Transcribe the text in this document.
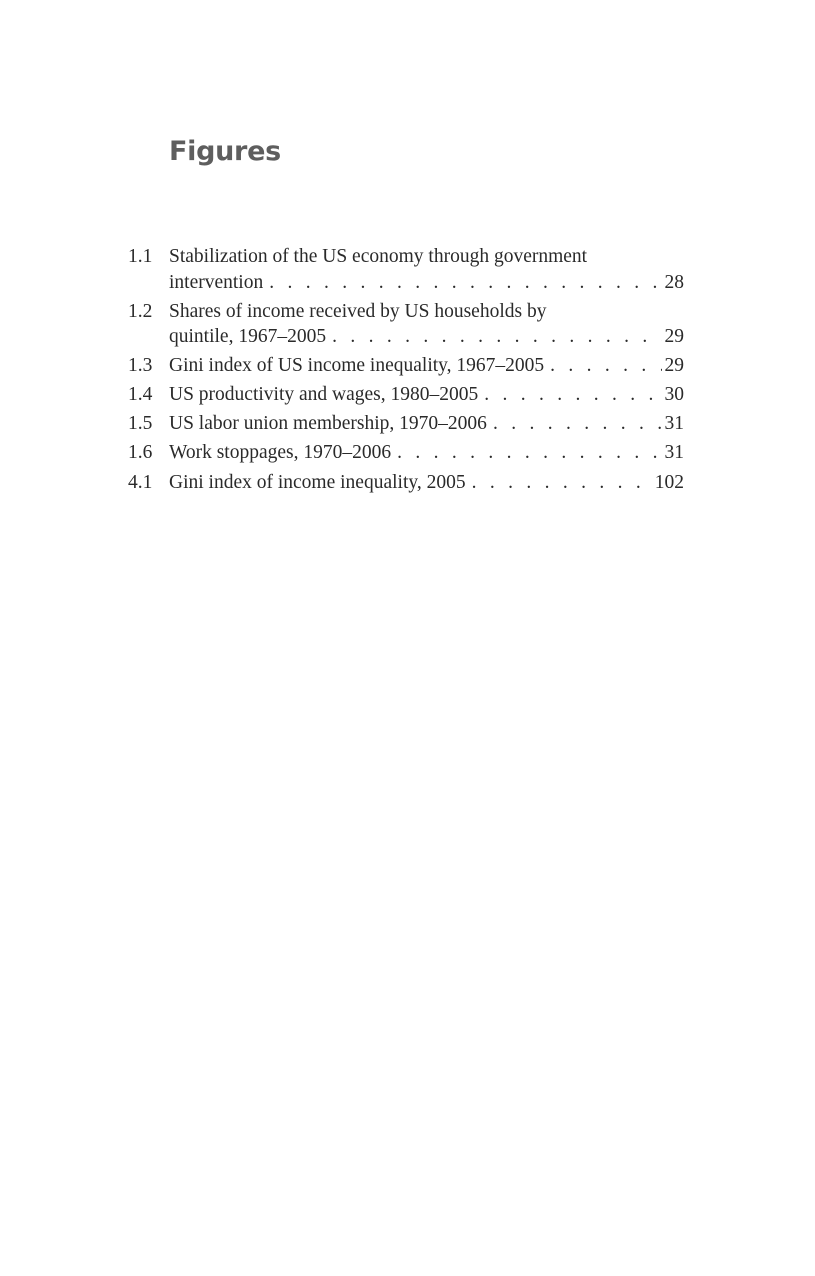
Figures
1.1 Stabilization of the US economy through government
intervention . . .	28
1.2 Shares of income received by US households by
quintile, 1967–2005 . . .	29
1.3 Gini index of US income inequality, 1967–2005 . . .	29
1.4 US productivity and wages, 1980–2005 . . .	30
1.5 US labor union membership, 1970–2006 . . .	31
1.6 Work stoppages, 1970–2006 . . .	31
4.1 Gini index of income inequality, 2005 . . .	102
